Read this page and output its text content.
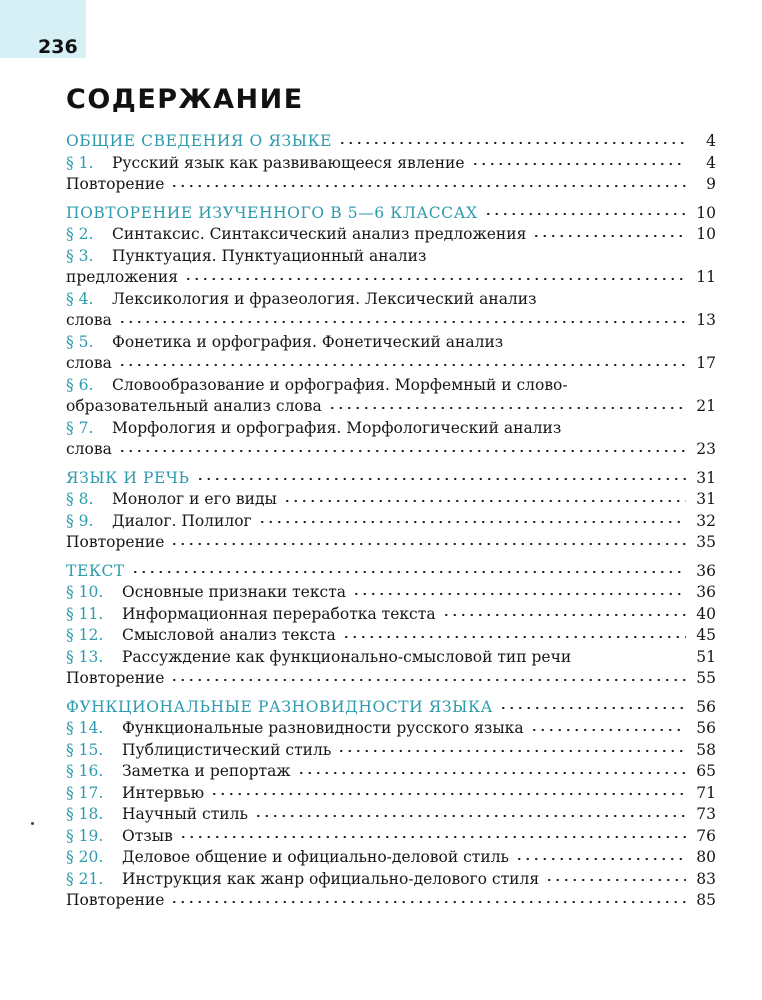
236
СОДЕРЖАНИЕ
ОБЩИЕ СВЕДЕНИЯ О ЯЗЫКЕ	4
§ 1. Русский язык как развивающееся явление	4
Повторение	9
ПОВТОРЕНИЕ ИЗУЧЕННОГО В 5—6 КЛАССАХ	10
§ 2. Синтаксис. Синтаксический анализ предложения	10
§ 3. Пунктуация. Пунктуационный анализ
предложения	11
§ 4. Лексикология и фразеология. Лексический анализ
слова	13
§ 5. Фонетика и орфография. Фонетический анализ
слова	17
§ 6. Словообразование и орфография. Морфемный и слово-
образовательный анализ слова	21
§ 7. Морфология и орфография. Морфологический анализ
слова	23
ЯЗЫК И РЕЧЬ	31
§ 8. Монолог и его виды	31
§ 9. Диалог. Полилог	32
Повторение	35
ТЕКСТ	36
§ 10. Основные признаки текста	36
§ 11. Информационная переработка текста	40
§ 12. Смысловой анализ текста	45
§ 13. Рассуждение как функционально-смысловой тип речи	51
Повторение	55
ФУНКЦИОНАЛЬНЫЕ РАЗНОВИДНОСТИ ЯЗЫКА	56
§ 14. Функциональные разновидности русского языка	56
§ 15. Публицистический стиль	58
§ 16. Заметка и репортаж	65
§ 17. Интервью	71
§ 18. Научный стиль	73
§ 19. Отзыв	76
§ 20. Деловое общение и официально-деловой стиль	80
§ 21. Инструкция как жанр официально-делового стиля	83
Повторение	85
